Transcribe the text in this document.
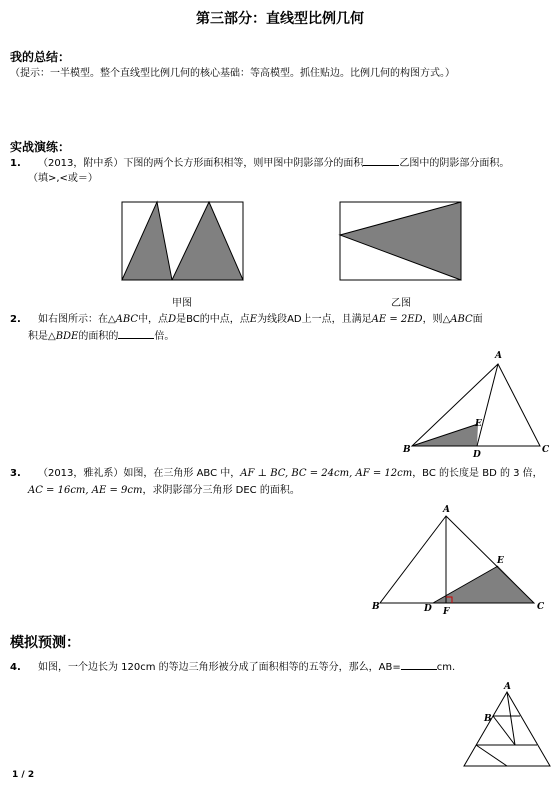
第三部分：直线型比例几何
我的总结：
（提示：一半模型。整个直线型比例几何的核心基础：等高模型。抓住贴边。比例几何的构图方式。）
实战演练：
1. （2013，附中系）下图的两个长方形面积相等，则甲图中阴影部分的面积	乙图中的阴影部分面积。
（填>,<或＝）
A
B	C
D
E
A
B	C
D
E
F
A
B
甲图	乙图
2. 如右图所示：在△ABC中，点D是BC的中点，点E为线段AD上一点，且满足AE = 2ED，则△ABC面
积是△BDE的面积的	倍。
3. （2013，雅礼系）如图，在三角形 ABC 中，AF ⊥ BC, BC = 24cm, AF = 12cm，BC 的长度是 BD 的 3 倍，
AC = 16cm, AE = 9cm，求阴影部分三角形 DEC 的面积。
模拟预测：
4. 如图，一个边长为 120cm 的等边三角形被分成了面积相等的五等分，那么，AB=	cm.
1 / 2
